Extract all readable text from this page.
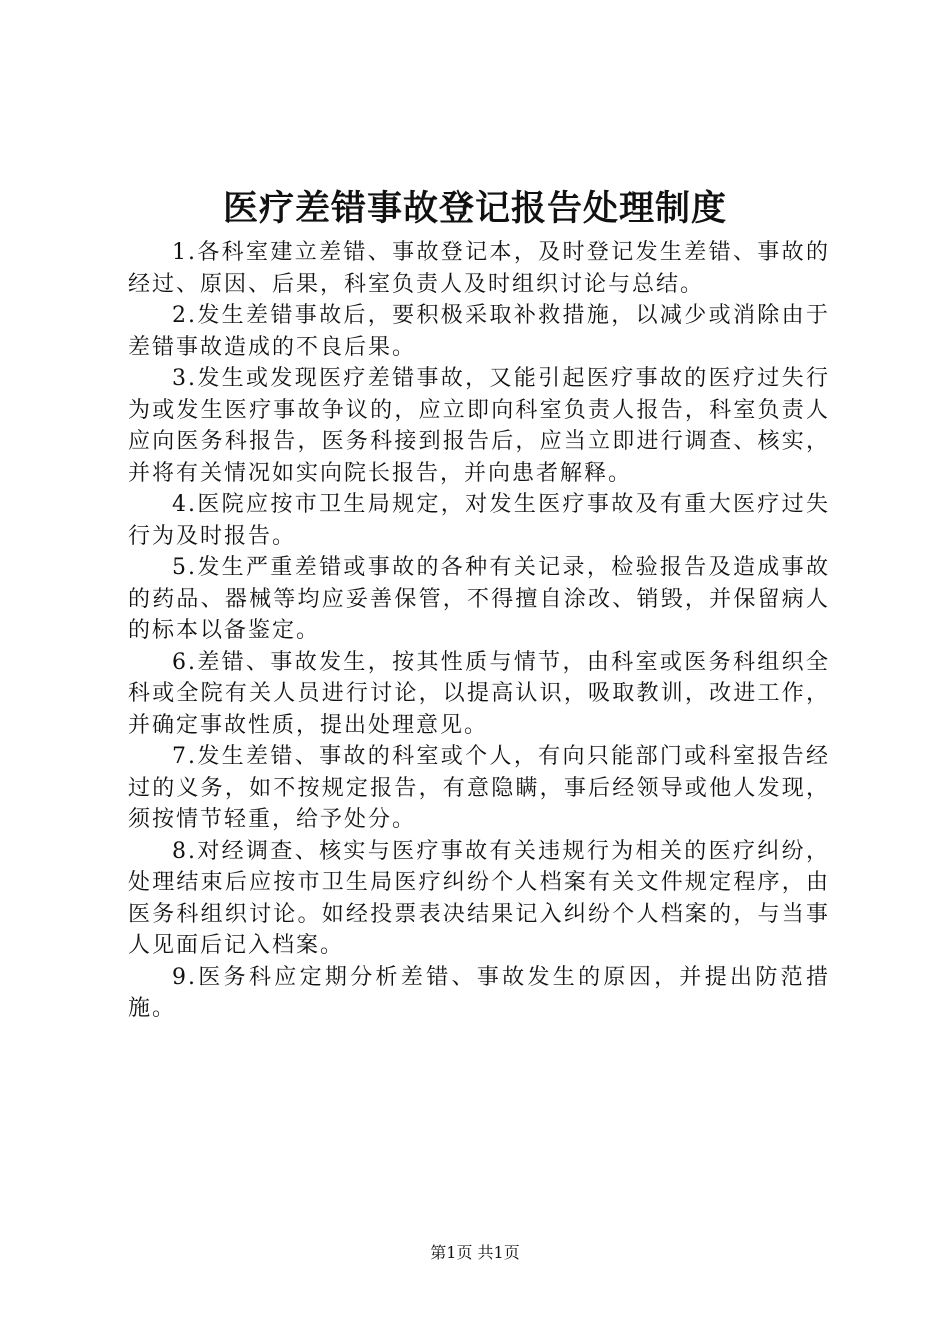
医疗差错事故登记报告处理制度

1.各科室建立差错、事故登记本，及时登记发生差错、事故的经过、原因、后果，科室负责人及时组织讨论与总结。

2.发生差错事故后，要积极采取补救措施，以减少或消除由于差错事故造成的不良后果。

3.发生或发现医疗差错事故，又能引起医疗事故的医疗过失行为或发生医疗事故争议的，应立即向科室负责人报告，科室负责人应向医务科报告，医务科接到报告后，应当立即进行调查、核实，并将有关情况如实向院长报告，并向患者解释。

4.医院应按市卫生局规定，对发生医疗事故及有重大医疗过失行为及时报告。

5.发生严重差错或事故的各种有关记录，检验报告及造成事故的药品、器械等均应妥善保管，不得擅自涂改、销毁，并保留病人的标本以备鉴定。

6.差错、事故发生，按其性质与情节，由科室或医务科组织全科或全院有关人员进行讨论，以提高认识，吸取教训，改进工作，并确定事故性质，提出处理意见。

7.发生差错、事故的科室或个人，有向只能部门或科室报告经过的义务，如不按规定报告，有意隐瞒，事后经领导或他人发现，须按情节轻重，给予处分。

8.对经调查、核实与医疗事故有关违规行为相关的医疗纠纷，处理结束后应按市卫生局医疗纠纷个人档案有关文件规定程序，由医务科组织讨论。如经投票表决结果记入纠纷个人档案的，与当事人见面后记入档案。

9.医务科应定期分析差错、事故发生的原因，并提出防范措施。

第1页 共1页
